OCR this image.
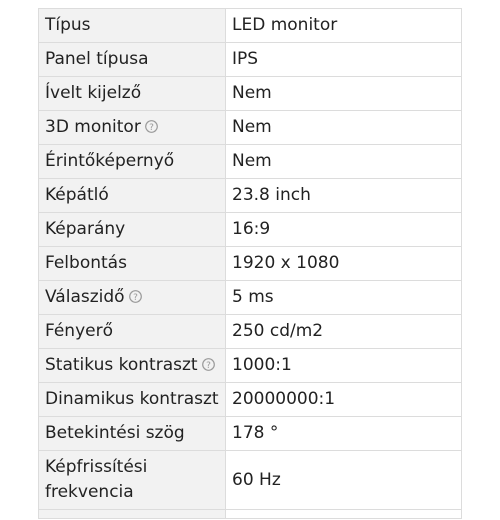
Típus	LED monitor
Panel típusa	IPS
Ívelt kijelző	Nem
3D monitor ?	Nem
Érintőképernyő	Nem
Képátló	23.8 inch
Képarány	16:9
Felbontás	1920 x 1080
Válaszidő ?	5 ms
Fényerő	250 cd/m2
Statikus kontraszt ?	1000:1
Dinamikus kontraszt	20000000:1
Betekintési szög	178 °
Képfrissítési frekvencia	60 Hz
